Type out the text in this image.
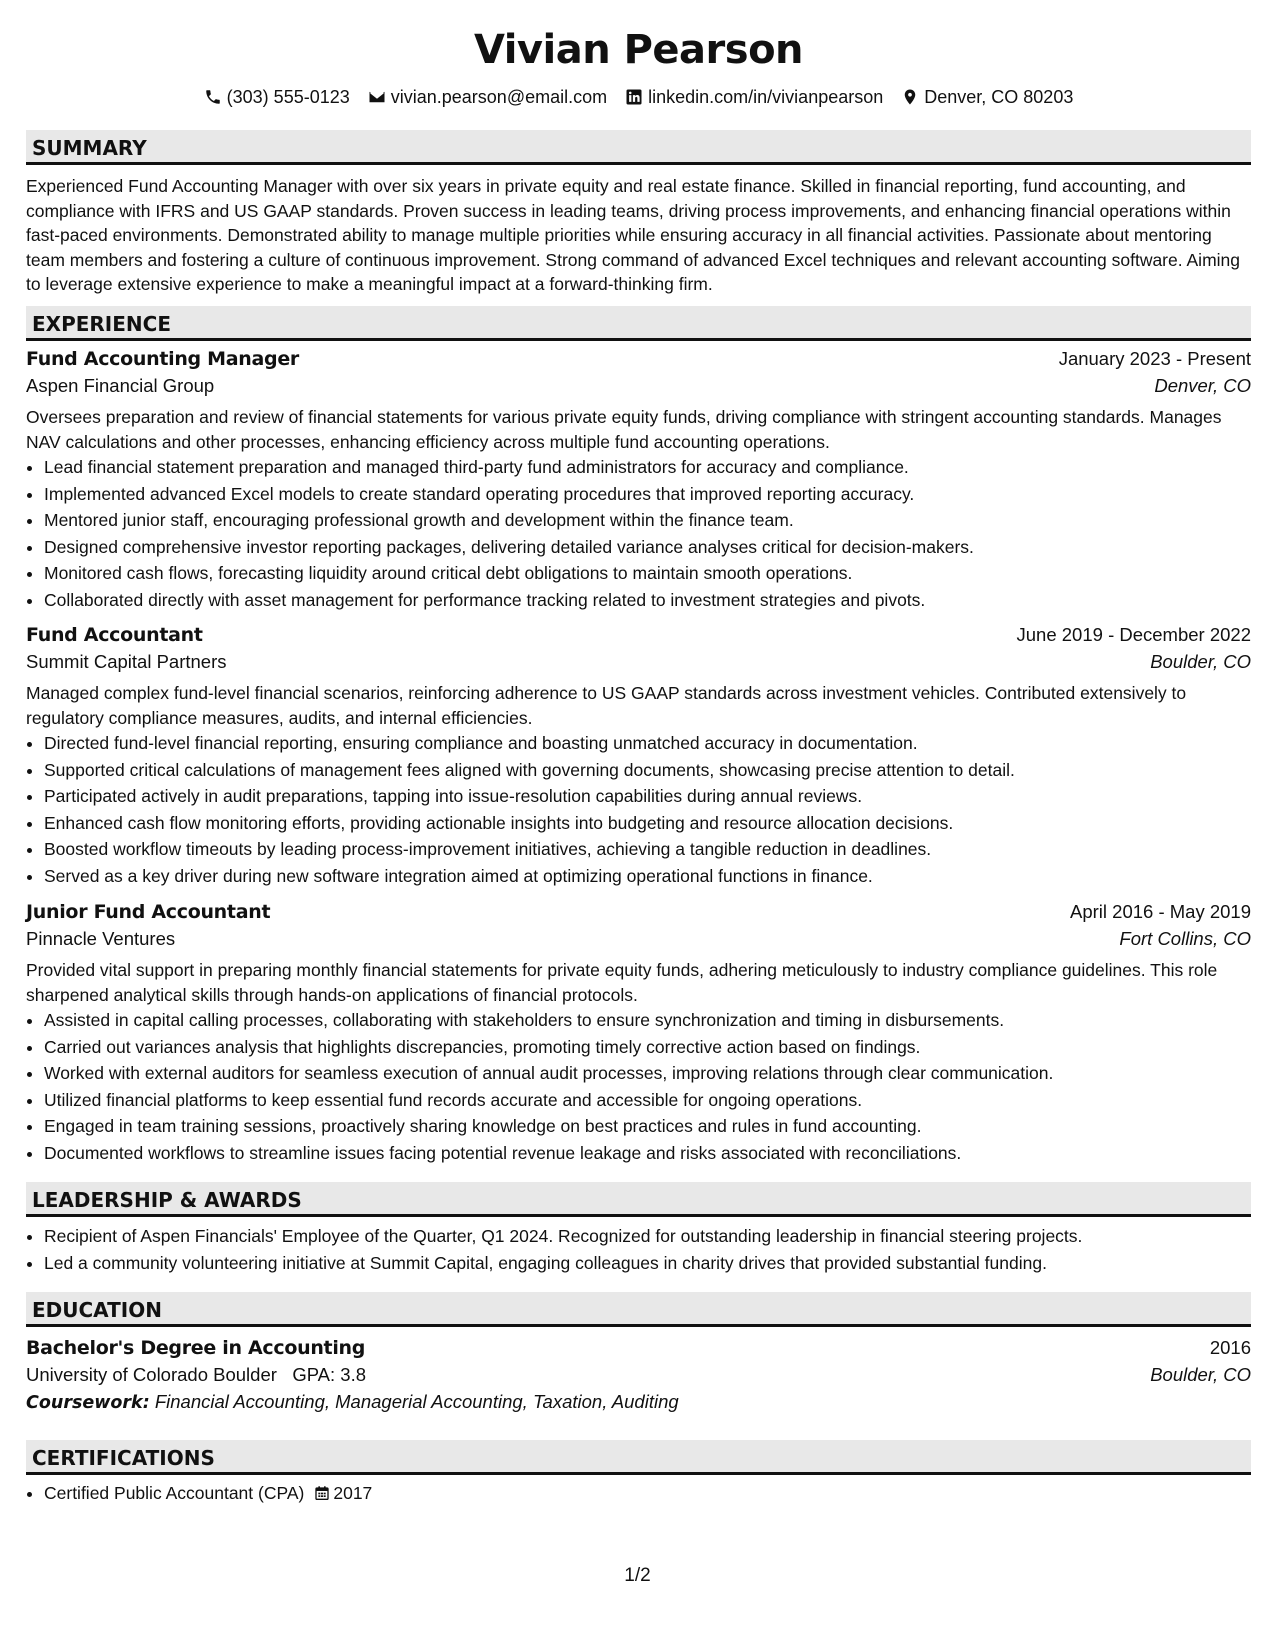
Vivian Pearson
(303) 555-0123 vivian.pearson@email.com linkedin.com/in/vivianpearson Denver, CO 80203
SUMMARY

Experienced Fund Accounting Manager with over six years in private equity and real estate finance. Skilled in financial reporting, fund accounting, and compliance with IFRS and US GAAP standards. Proven success in leading teams, driving process improvements, and enhancing financial operations within fast-paced environments. Demonstrated ability to manage multiple priorities while ensuring accuracy in all financial activities. Passionate about mentoring team members and fostering a culture of continuous improvement. Strong command of advanced Excel techniques and relevant accounting software. Aiming to leverage extensive experience to make a meaningful impact at a forward-thinking firm.

EXPERIENCE
Fund Accounting Manager	January 2023 - Present
Aspen Financial Group	Denver, CO

Oversees preparation and review of financial statements for various private equity funds, driving compliance with stringent accounting standards. Manages NAV calculations and other processes, enhancing efficiency across multiple fund accounting operations.

• Lead financial statement preparation and managed third-party fund administrators for accuracy and compliance.
• Implemented advanced Excel models to create standard operating procedures that improved reporting accuracy.
• Mentored junior staff, encouraging professional growth and development within the finance team.
• Designed comprehensive investor reporting packages, delivering detailed variance analyses critical for decision-makers.
• Monitored cash flows, forecasting liquidity around critical debt obligations to maintain smooth operations.
• Collaborated directly with asset management for performance tracking related to investment strategies and pivots.
Fund Accountant	June 2019 - December 2022
Summit Capital Partners	Boulder, CO

Managed complex fund-level financial scenarios, reinforcing adherence to US GAAP standards across investment vehicles. Contributed extensively to regulatory compliance measures, audits, and internal efficiencies.

• Directed fund-level financial reporting, ensuring compliance and boasting unmatched accuracy in documentation.
• Supported critical calculations of management fees aligned with governing documents, showcasing precise attention to detail.
• Participated actively in audit preparations, tapping into issue-resolution capabilities during annual reviews.
• Enhanced cash flow monitoring efforts, providing actionable insights into budgeting and resource allocation decisions.
• Boosted workflow timeouts by leading process-improvement initiatives, achieving a tangible reduction in deadlines.
• Served as a key driver during new software integration aimed at optimizing operational functions in finance.
Junior Fund Accountant	April 2016 - May 2019
Pinnacle Ventures	Fort Collins, CO

Provided vital support in preparing monthly financial statements for private equity funds, adhering meticulously to industry compliance guidelines. This role sharpened analytical skills through hands-on applications of financial protocols.

• Assisted in capital calling processes, collaborating with stakeholders to ensure synchronization and timing in disbursements.
• Carried out variances analysis that highlights discrepancies, promoting timely corrective action based on findings.
• Worked with external auditors for seamless execution of annual audit processes, improving relations through clear communication.
• Utilized financial platforms to keep essential fund records accurate and accessible for ongoing operations.
• Engaged in team training sessions, proactively sharing knowledge on best practices and rules in fund accounting.
• Documented workflows to streamline issues facing potential revenue leakage and risks associated with reconciliations.
LEADERSHIP & AWARDS
• Recipient of Aspen Financials' Employee of the Quarter, Q1 2024. Recognized for outstanding leadership in financial steering projects.
• Led a community volunteering initiative at Summit Capital, engaging colleagues in charity drives that provided substantial funding.
EDUCATION
Bachelor's Degree in Accounting	2016
University of Colorado Boulder GPA: 3.8	Boulder, CO
Coursework: Financial Accounting, Managerial Accounting, Taxation, Auditing
CERTIFICATIONS
• Certified Public Accountant (CPA) 2017
1/2
